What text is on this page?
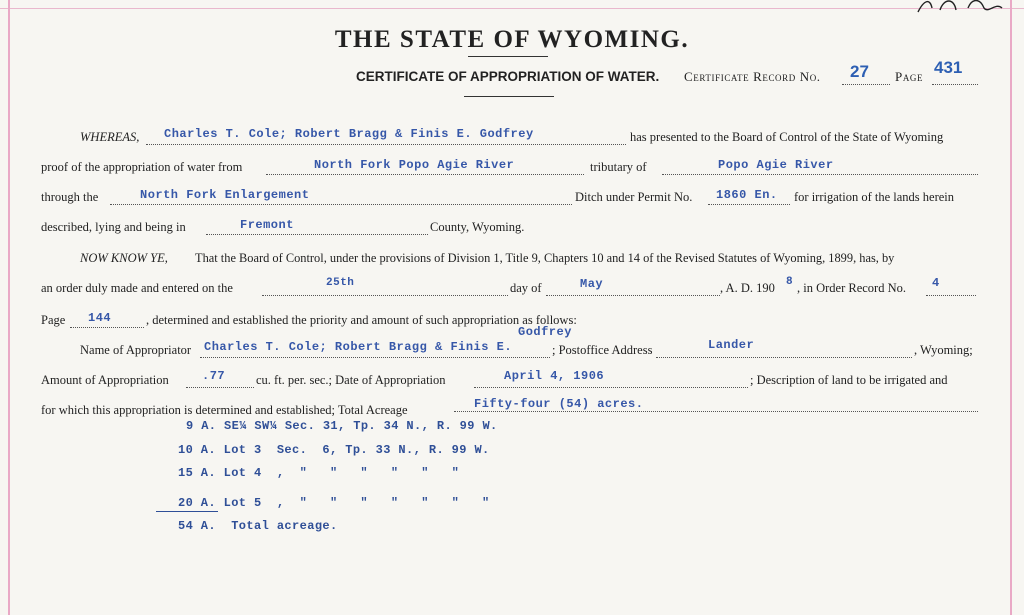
THE STATE OF WYOMING.
CERTIFICATE OF APPROPRIATION OF WATER. Certificate Record No. 27 Page 431
WHEREAS, Charles T. Cole; Robert Bragg & Finis E. Godfrey	has presented to the Board of Control of the State of Wyoming
proof of the appropriation of water from	North Fork Popo Agie River	tributary of	Popo Agie River
through the	North Fork Enlargement	Ditch under Permit No. 1860 En. for irrigation of the lands herein
described, lying and being in	Fremont	County, Wyoming.
NOW KNOW YE, That the Board of Control, under the provisions of Division 1, Title 9, Chapters 10 and 14 of the Revised Statutes of Wyoming, 1899, has, by
an order duly made and entered on the	25th	day of	May	, A. D. 190 8 , in Order Record No. 4
Page 144	, determined and established the priority and amount of such appropriation as follows:
Godfrey
Name of Appropriator Charles T. Cole; Robert Bragg & Finis E.	; Postoffice Address	Lander	, Wyoming;
Amount of Appropriation	.77 cu. ft. per. sec.; Date of Appropriation	April 4, 1906	; Description of land to be irrigated and
for which this appropriation is determined and established; Total Acreage	Fifty-four (54) acres.
9 A. SE¼ SW¼ Sec. 31, Tp. 34 N., R. 99 W.
10 A. Lot 3  Sec.  6, Tp. 33 N., R. 99 W.
15 A. Lot 4  ,  "   "   "   "   "   "
20 A. Lot 5  ,  "   "   "   "   "   "   "
54 A.  Total acreage.
